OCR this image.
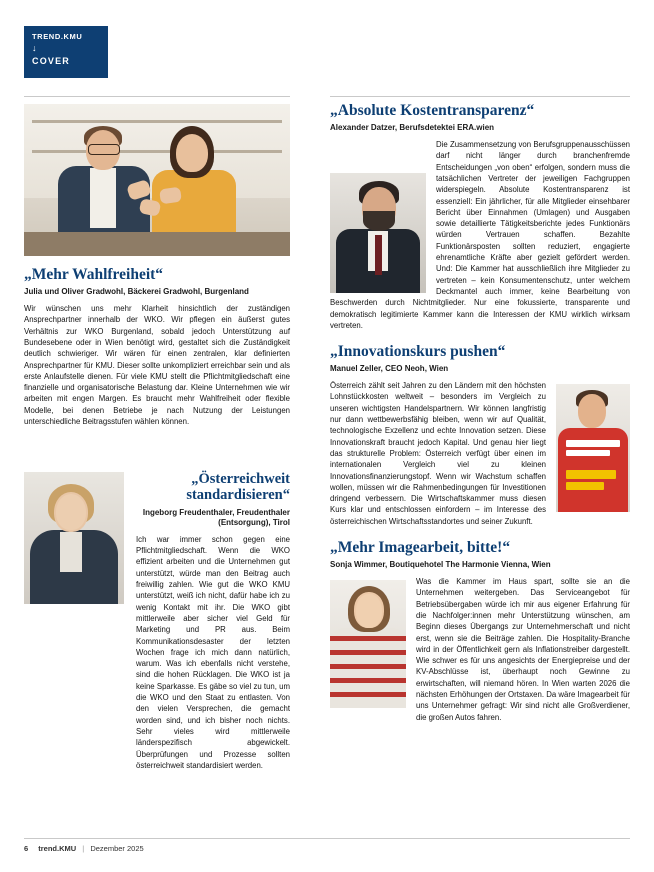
TREND.KMU
↓
COVER
„Mehr Wahlfreiheit“
Julia und Oliver Gradwohl, Bäckerei Gradwohl, Burgenland
Wir wünschen uns mehr Klarheit hinsichtlich der zuständigen Ansprechpartner innerhalb der WKO. Wir pflegen ein äußerst gutes Verhältnis zur WKO Burgenland, sobald jedoch Unterstützung auf Bundesebene oder in Wien benötigt wird, gestaltet sich die Zuständigkeit deutlich schwieriger. Wir wären für einen zentralen, klar definierten Ansprechpartner für KMU. Dieser sollte unkompliziert erreichbar sein und als erste Anlaufstelle dienen. Für viele KMU stellt die Pflichtmitgliedschaft eine finanzielle und organisatorische Belastung dar. Kleine Unternehmen wie wir arbeiten mit engen Margen. Es braucht mehr Wahlfreiheit oder flexible Modelle, bei denen Betriebe je nach Nutzung der Leistungen unterschiedliche Beitragsstufen wählen können.
„Österreichweit
standardisieren“
Ingeborg Freudenthaler, Freudenthaler
(Entsorgung), Tirol
Ich war immer schon gegen eine Pflichtmitgliedschaft. Wenn die WKO effizient arbeiten und die Unternehmen gut unterstützt, würde man den Beitrag auch freiwillig zahlen. Wie gut die WKO KMU unterstützt, weiß ich nicht, dafür habe ich zu wenig Kontakt mit ihr. Die WKO gibt mittlerweile aber sicher viel Geld für Marketing und PR aus. Beim Kommunikationsdesaster der letzten Wochen frage ich mich dann natürlich, warum. Was ich ebenfalls nicht verstehe, sind die hohen Rücklagen. Die WKO ist ja keine Sparkasse. Es gäbe so viel zu tun, um die WKO und den Staat zu entlasten. Von den vielen Versprechen, die gemacht worden sind, und ich bisher noch nichts. Sehr vieles wird mittlerweile länderspezifisch abgewickelt. Überprüfungen und Prozesse sollten österreichweit standardisiert werden.
„Absolute Kostentransparenz“
Alexander Datzer, Berufsdetektei ERA.wien
Die Zusammensetzung von Berufsgruppenausschüssen darf nicht länger durch branchenfremde Entscheidungen „von oben“ erfolgen, sondern muss die tatsächlichen Vertreter der jeweiligen Fachgruppen widerspiegeln. Absolute Kostentransparenz ist essenziell: Ein jährlicher, für alle Mitglieder einsehbarer Bericht über Einnahmen (Umlagen) und Ausgaben sowie detaillierte Tätigkeitsberichte jedes Funktionärs würden Vertrauen schaffen. Bezahlte Funktionärsposten sollten reduziert, engagierte ehrenamtliche Kräfte aber gezielt gefördert werden. Und: Die Kammer hat ausschließlich ihre Mitglieder zu vertreten – kein Konsumentenschutz, unter welchem Deckmantel auch immer, keine Bearbeitung von Beschwerden durch Nichtmitglieder. Nur eine fokussierte, transparente und demokratisch legitimierte Kammer kann die Interessen der KMU wirklich wirksam vertreten.
„Innovationskurs pushen“
Manuel Zeller, CEO Neoh, Wien
Österreich zählt seit Jahren zu den Ländern mit den höchsten Lohnstückkosten weltweit – besonders im Vergleich zu unseren wichtigsten Handelspartnern. Wir können langfristig nur dann wettbewerbsfähig bleiben, wenn wir auf Qualität, technologische Exzellenz und echte Innovation setzen. Diese Innovationskraft braucht jedoch Kapital. Und genau hier liegt das strukturelle Problem: Österreich verfügt über einen im internationalen Vergleich viel zu kleinen Innovationsfinanzierungstopf. Wenn wir Wachstum schaffen wollen, müssen wir die Rahmenbedingungen für Investitionen dringend verbessern. Die Wirtschaftskammer muss diesen Kurs klar und entschlossen einfordern – im Interesse des österreichischen Wirtschaftsstandortes und seiner Zukunft.
„Mehr Imagearbeit, bitte!“
Sonja Wimmer, Boutiquehotel The Harmonie Vienna, Wien
Was die Kammer im Haus spart, sollte sie an die Unternehmen weitergeben. Das Serviceangebot für Betriebsübergaben würde ich mir aus eigener Erfahrung für die Nachfolger:innen mehr Unterstützung wünschen, am Beginn dieses Übergangs zur Unternehmerschaft und nicht erst, wenn sie die Beiträge zahlen. Die Hospitality-Branche wird in der Öffentlichkeit gern als Inflationstreiber dargestellt. Wie schwer es für uns angesichts der Energiepreise und der KV-Abschlüsse ist, überhaupt noch Gewinne zu erwirtschaften, will niemand hören. In Wien warten 2026 die nächsten Erhöhungen der Ortstaxen. Da wäre Imagearbeit für uns Unternehmer gefragt: Wir sind nicht alle Großverdiener, die großen Autos fahren.
6 trend.KMU | Dezember 2025
